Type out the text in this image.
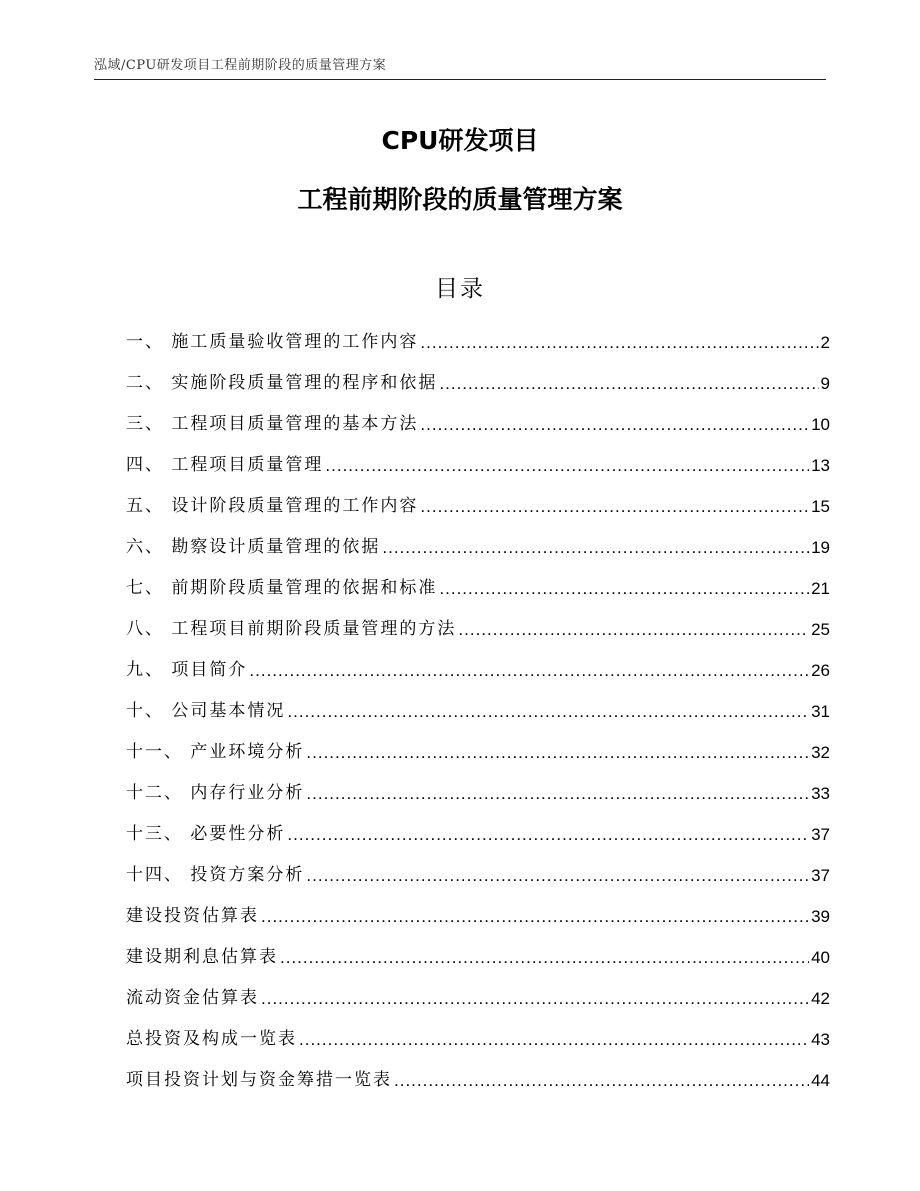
泓域/CPU研发项目工程前期阶段的质量管理方案
CPU研发项目
工程前期阶段的质量管理方案
目录
一、 施工质量验收管理的工作内容 .....	2
二、 实施阶段质量管理的程序和依据 .....	9
三、 工程项目质量管理的基本方法 .....	10
四、 工程项目质量管理 .....	13
五、 设计阶段质量管理的工作内容 .....	15
六、 勘察设计质量管理的依据 .....	19
七、 前期阶段质量管理的依据和标准 .....	21
八、 工程项目前期阶段质量管理的方法 .....	25
九、 项目简介 .....	26
十、 公司基本情况 .....	31
十一、 产业环境分析 .....	32
十二、 内存行业分析 .....	33
十三、 必要性分析 .....	37
十四、 投资方案分析 .....	37
建设投资估算表 .....	39
建设期利息估算表 .....	40
流动资金估算表 .....	42
总投资及构成一览表 .....	43
项目投资计划与资金筹措一览表 .....	44
